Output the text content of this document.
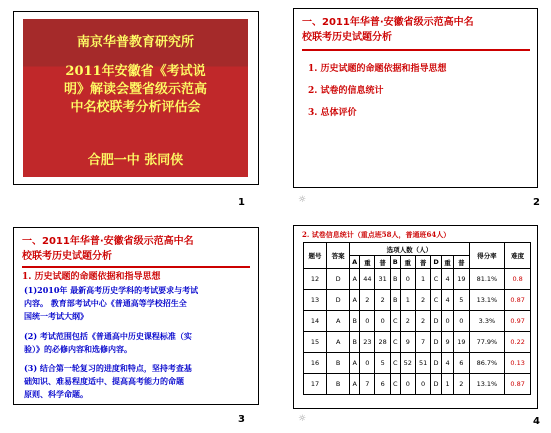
南京华普教育研究所
2011年安徽省《考试说
明》解读会暨省级示范高
中名校联考分析评估会
合肥一中 张同侠
1
一、2011年华普·安徽省级示范高中名
校联考历史试题分析
1. 历史试题的命题依据和指导思想
2. 试卷的信息统计
3. 总体评价
☼	2
一、2011年华普·安徽省级示范高中名
校联考历史试题分析
1. 历史试题的命题依据和指导思想
(1)2010年 最新高考历史学科的考试要求与考试
内容。 教育部考试中心《普通高等学校招生全
国统一考试大纲》
(2) 考试范围包括《普通高中历史课程标准（实
验）》的必修内容和选修内容。
(3) 结合第一轮复习的进度和特点，坚持考查基
础知识、难易程度适中、提高高考能力的命题
原则、科学命题。
3
2. 试卷信息统计（重点班58人，普通班64人）
题号	答案	选项人数（人）									得分率	难度
		A	重	普	B	重	普	D	重	普		
12	D	A	44	31	B	0	1	C	4	19	81.1%	0.8
13	D	A	2	2	B	1	2	C	4	5	13.1%	0.87
14	A	B	0	0	C	2	2	D	0	0	3.3%	0.97
15	A	B	23	28	C	9	7	D	9	19	77.9%	0.22
16	B	A	0	5	C	52	51	D	4	6	86.7%	0.13
17	B	A	7	6	C	0	0	D	1	2	13.1%	0.87
☼	4
